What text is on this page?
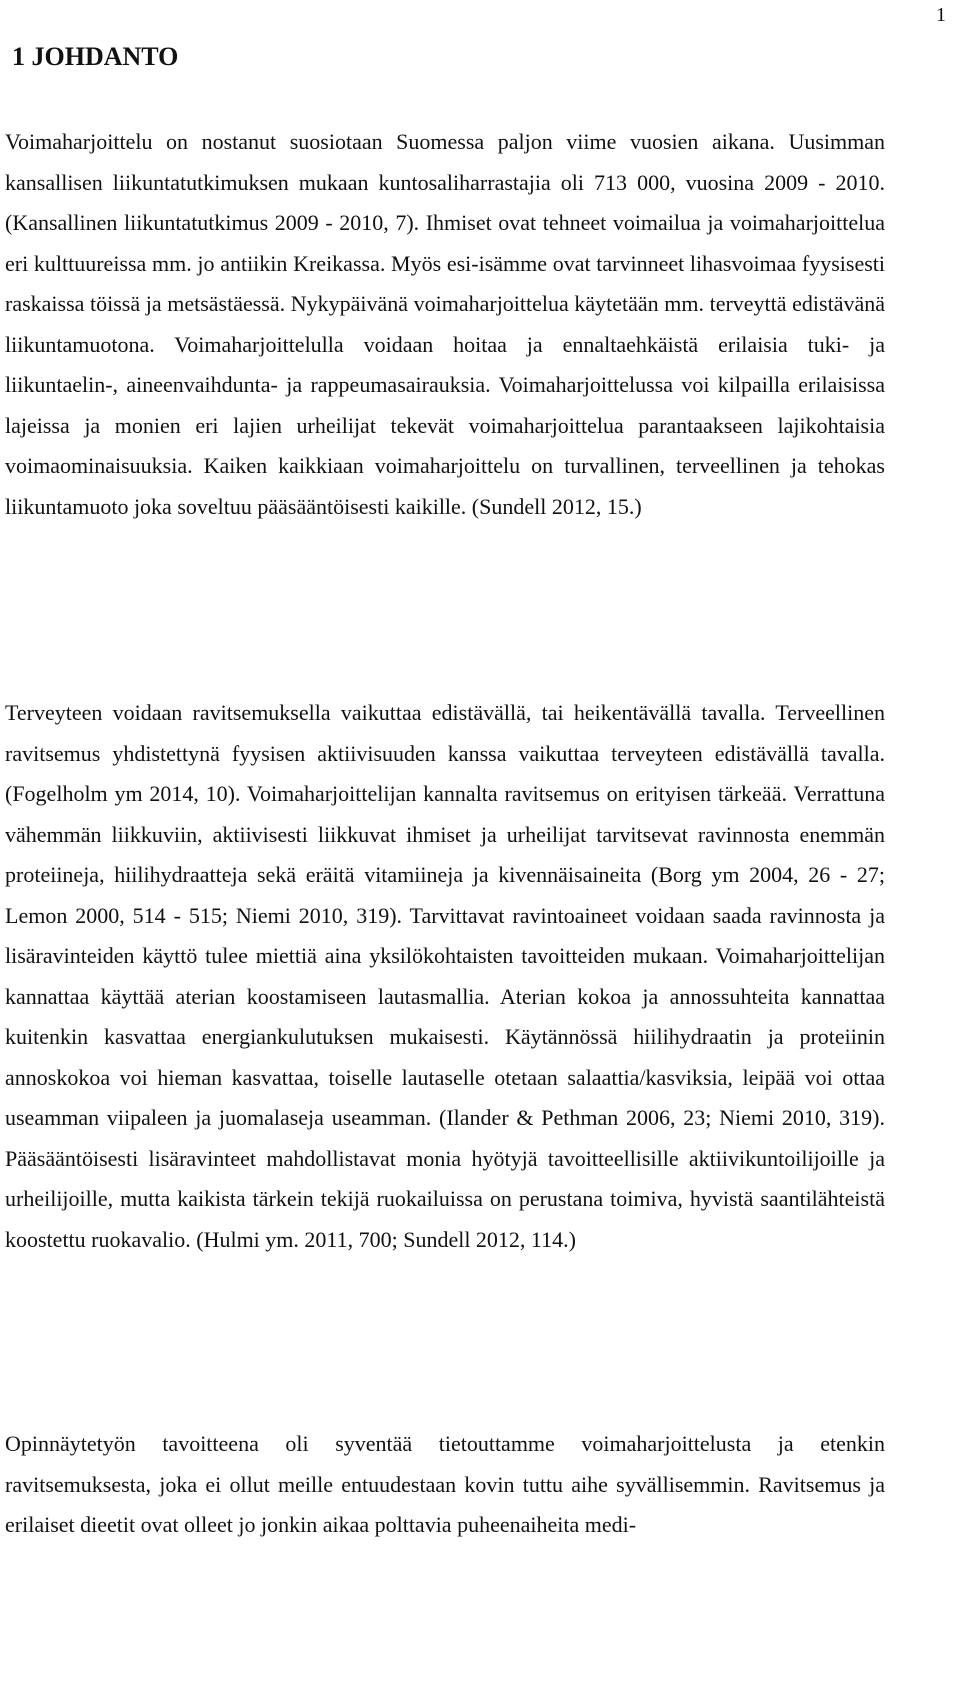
1
1 JOHDANTO

Voimaharjoittelu on nostanut suosiotaan Suomessa paljon viime vuosien aikana. Uusimman kansallisen liikuntatutkimuksen mukaan kuntosaliharrastajia oli 713 000, vuosina 2009 - 2010. (Kansallinen liikuntatutkimus 2009 - 2010, 7). Ihmiset ovat tehneet voimailua ja voimaharjoittelua eri kulttuureissa mm. jo antiikin Kreikassa. Myös esi-isämme ovat tarvinneet lihasvoimaa fyysisesti raskaissa töissä ja metsästäessä. Nykypäivänä voimaharjoittelua käytetään mm. terveyttä edistävänä liikuntamuotona. Voimaharjoittelulla voidaan hoitaa ja ennaltaehkäistä erilaisia tuki- ja liikuntaelin-, aineenvaihdunta- ja rappeumasairauksia. Voimaharjoittelussa voi kilpailla erilaisissa lajeissa ja monien eri lajien urheilijat tekevät voimaharjoittelua parantaakseen lajikohtaisia voimaominaisuuksia. Kaiken kaikkiaan voimaharjoittelu on turvallinen, terveellinen ja tehokas liikuntamuoto joka soveltuu pääsääntöisesti kaikille. (Sundell 2012, 15.)

Terveyteen voidaan ravitsemuksella vaikuttaa edistävällä, tai heikentävällä tavalla. Terveellinen ravitsemus yhdistettynä fyysisen aktiivisuuden kanssa vaikuttaa terveyteen edistävällä tavalla. (Fogelholm ym 2014, 10). Voimaharjoittelijan kannalta ravitsemus on erityisen tärkeää. Verrattuna vähemmän liikkuviin, aktiivisesti liikkuvat ihmiset ja urheilijat tarvitsevat ravinnosta enemmän proteiineja, hiilihydraatteja sekä eräitä vitamiineja ja kivennäisaineita (Borg ym 2004, 26 - 27; Lemon 2000, 514 - 515; Niemi 2010, 319). Tarvittavat ravintoaineet voidaan saada ravinnosta ja lisäravinteiden käyttö tulee miettiä aina yksilökohtaisten tavoitteiden mukaan. Voimaharjoittelijan kannattaa käyttää aterian koostamiseen lautasmallia. Aterian kokoa ja annossuhteita kannattaa kuitenkin kasvattaa energiankulutuksen mukaisesti. Käytännössä hiilihydraatin ja proteiinin annoskokoa voi hieman kasvattaa, toiselle lautaselle otetaan salaattia/kasviksia, leipää voi ottaa useamman viipaleen ja juomalaseja useamman. (Ilander & Pethman 2006, 23; Niemi 2010, 319). Pääsääntöisesti lisäravinteet mahdollistavat monia hyötyjä tavoitteellisille aktiivikuntoilijoille ja urheilijoille, mutta kaikista tärkein tekijä ruokailuissa on perustana toimiva, hyvistä saantilähteistä koostettu ruokavalio. (Hulmi ym. 2011, 700; Sundell 2012, 114.)

Opinnäytetyön tavoitteena oli syventää tietouttamme voimaharjoittelusta ja etenkin ravitsemuksesta, joka ei ollut meille entuudestaan kovin tuttu aihe syvällisemmin. Ravitsemus ja erilaiset dieetit ovat olleet jo jonkin aikaa polttavia puheenaiheita medi-
